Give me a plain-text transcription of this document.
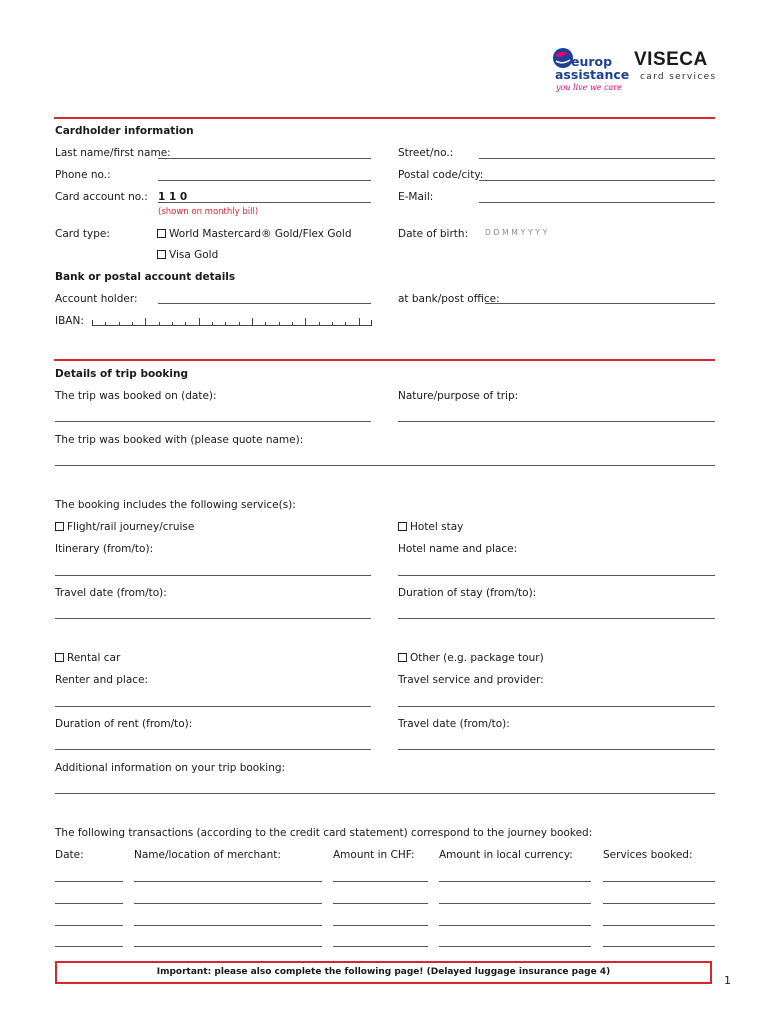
europ
assistance
you live we care
VISECA
card services
Cardholder information
Last name/first name:	Street/no.:
Phone no.:	Postal code/city:
Card account no.: 1 1 0
(shown on monthly bill)
E-Mail:
Card type:	World Mastercard® Gold/Flex Gold
Visa Gold
Date of birth: D D M M Y Y Y Y
Bank or postal account details
Account holder:	at bank/post office:
IBAN:
Details of trip booking
The trip was booked on (date):	Nature/purpose of trip:
The trip was booked with (please quote name):
The booking includes the following service(s):
Flight/rail journey/cruise	Hotel stay
Itinerary (from/to):	Hotel name and place:
Travel date (from/to):	Duration of stay (from/to):
Rental car	Other (e.g. package tour)
Renter and place:	Travel service and provider:
Duration of rent (from/to):	Travel date (from/to):
Additional information on your trip booking:
The following transactions (according to the credit card statement) correspond to the journey booked:
Date:	Name/location of merchant:	Amount in CHF: Amount in local currency:	Services booked:
Important: please also complete the following page! (Delayed luggage insurance page 4)
1
